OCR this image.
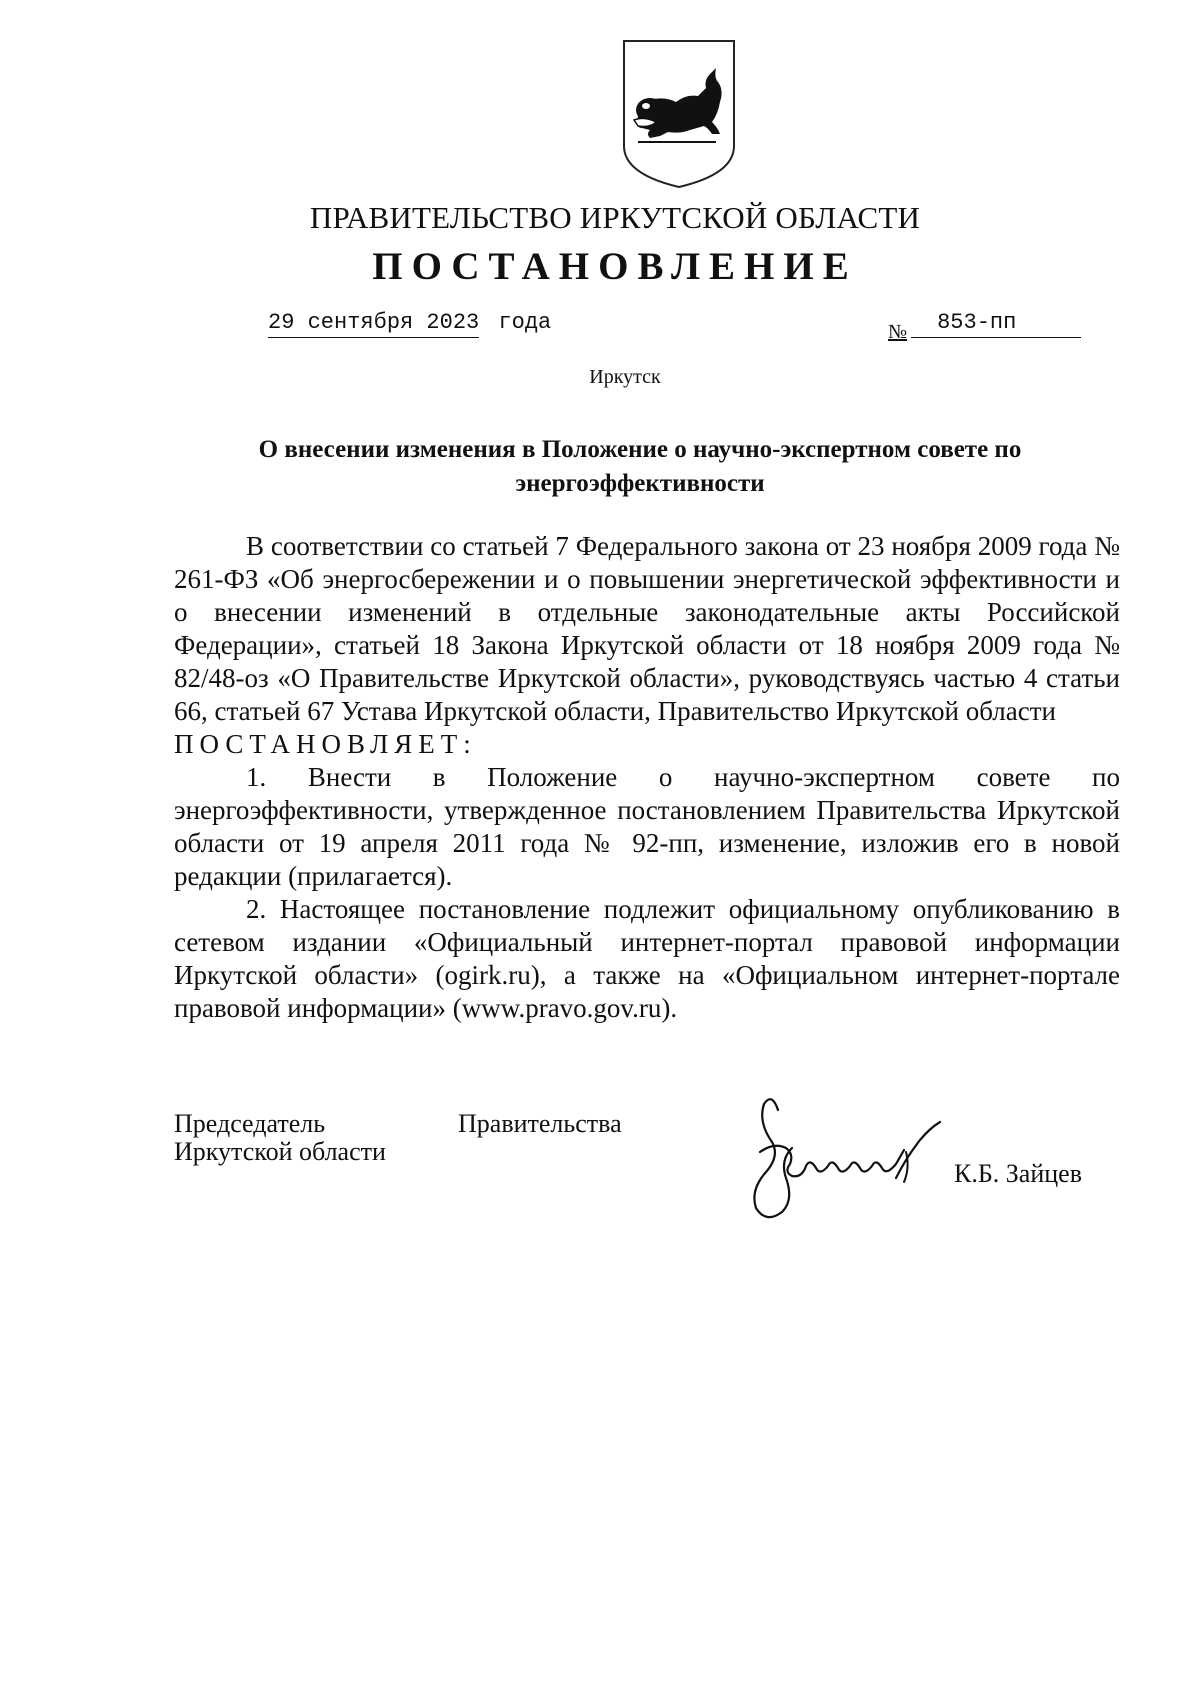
ПРАВИТЕЛЬСТВО ИРКУТСКОЙ ОБЛАСТИ
ПОСТАНОВЛЕНИЕ
29 сентября 2023 года	№	853-пп
Иркутск
О внесении изменения в Положение о научно-экспертном совете по энергоэффективности

В соответствии со статьей 7 Федерального закона от 23 ноября 2009 года № 261-ФЗ «Об энергосбережении и о повышении энергетической эффективности и о внесении изменений в отдельные законодательные акты Российской Федерации», статьей 18 Закона Иркутской области от 18 ноября 2009 года № 82/48-оз «О Правительстве Иркутской области», руководствуясь частью 4 статьи 66, статьей 67 Устава Иркутской области, Правительство Иркутской области

ПОСТАНОВЛЯЕТ:

1. Внести в Положение о научно-экспертном совете по энергоэффективности, утвержденное постановлением Правительства Иркутской области от 19 апреля 2011 года № 92-пп, изменение, изложив его в новой редакции (прилагается).

2. Настоящее постановление подлежит официальному опубликованию в сетевом издании «Официальный интернет-портал правовой информации Иркутской области» (ogirk.ru), а также на «Официальном интернет-портале правовой информации» (www.pravo.gov.ru).

Председатель	Правительства
Иркутской области
К.Б. Зайцев
